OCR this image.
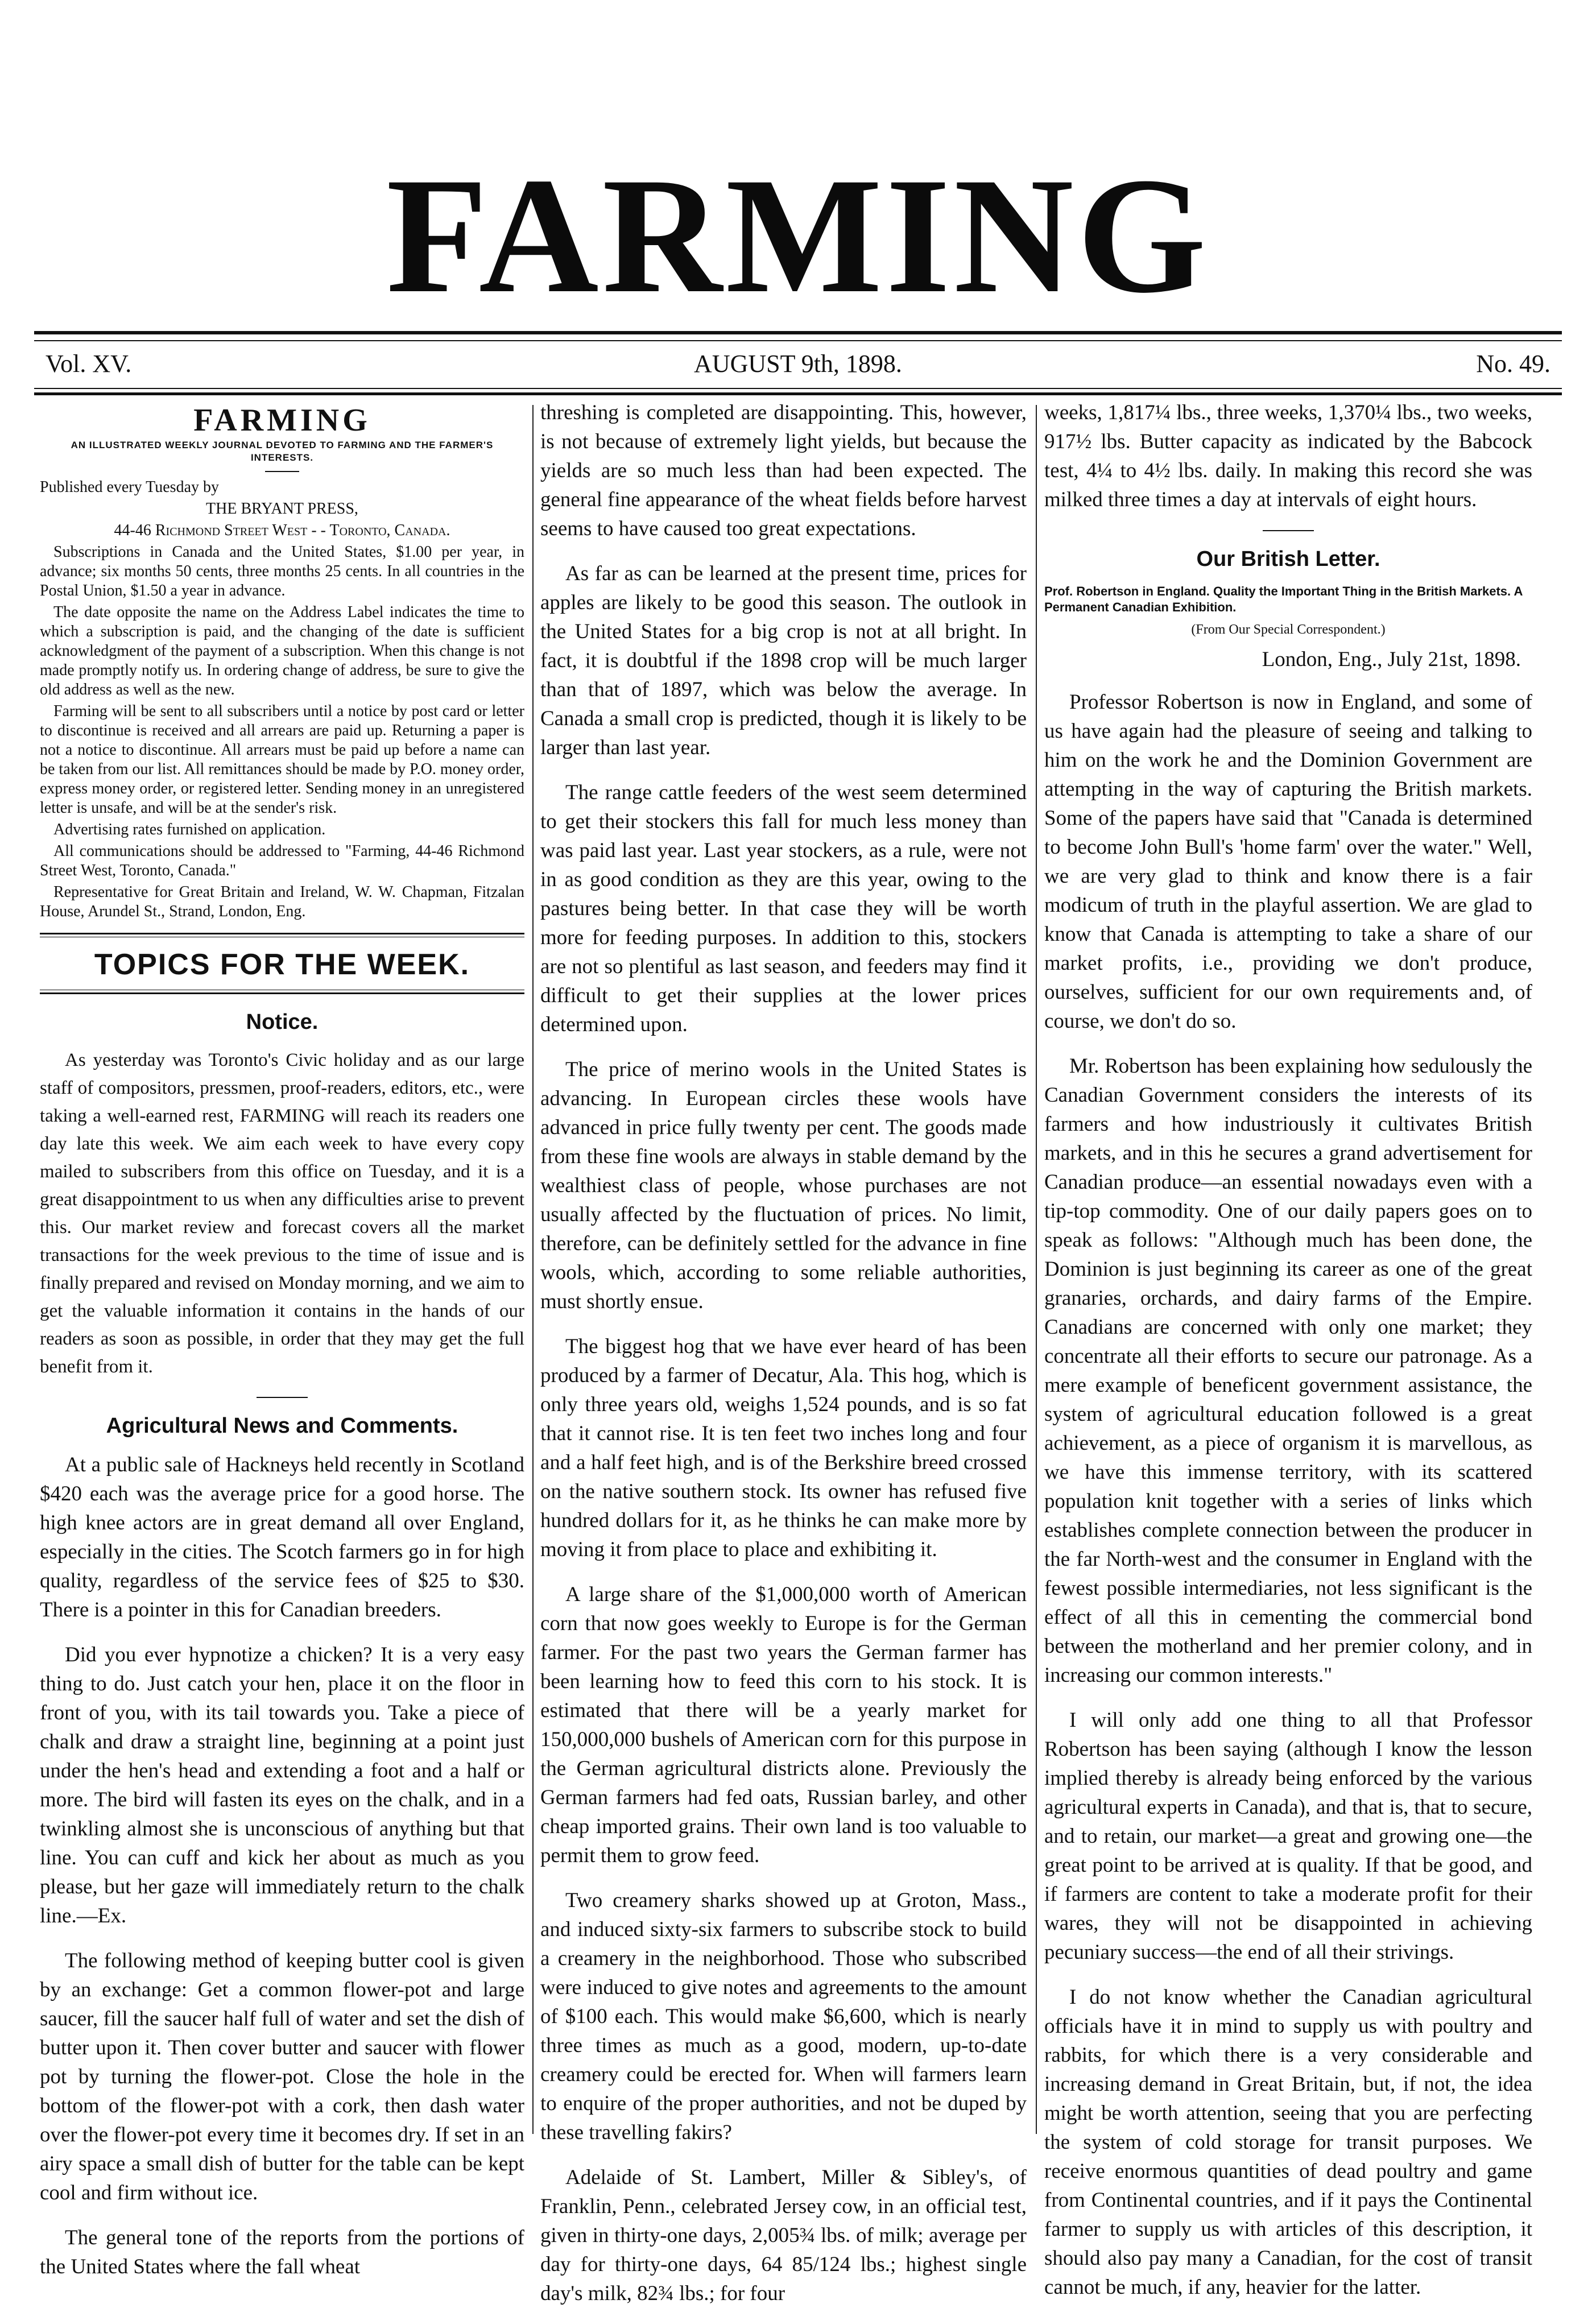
FARMING
Vol. XV.	AUGUST 9th, 1898.	No. 49.
FARMING
AN ILLUSTRATED WEEKLY JOURNAL DEVOTED TO FARMING AND THE FARMER'S INTERESTS.

Published every Tuesday by

THE BRYANT PRESS,

44-46 Richmond Street West - - Toronto, Canada.

Subscriptions in Canada and the United States, $1.00 per year, in advance; six months 50 cents, three months 25 cents. In all countries in the Postal Union, $1.50 a year in advance.

The date opposite the name on the Address Label indicates the time to which a subscription is paid, and the changing of the date is sufficient acknowledgment of the payment of a subscription. When this change is not made promptly notify us. In ordering change of address, be sure to give the old address as well as the new.

Farming will be sent to all subscribers until a notice by post card or letter to discontinue is received and all arrears are paid up. Returning a paper is not a notice to discontinue. All arrears must be paid up before a name can be taken from our list. All remittances should be made by P.O. money order, express money order, or registered letter. Sending money in an unregistered letter is unsafe, and will be at the sender's risk.

Advertising rates furnished on application.

All communications should be addressed to "Farming, 44-46 Richmond Street West, Toronto, Canada."

Representative for Great Britain and Ireland, W. W. Chapman, Fitzalan House, Arundel St., Strand, London, Eng.

TOPICS FOR THE WEEK.
Notice.

As yesterday was Toronto's Civic holiday and as our large staff of compositors, pressmen, proof-readers, editors, etc., were taking a well-earned rest, FARMING will reach its readers one day late this week. We aim each week to have every copy mailed to subscribers from this office on Tuesday, and it is a great disappointment to us when any difficulties arise to prevent this. Our market review and forecast covers all the market transactions for the week previous to the time of issue and is finally prepared and revised on Monday morning, and we aim to get the valuable information it contains in the hands of our readers as soon as possible, in order that they may get the full benefit from it.

Agricultural News and Comments.

At a public sale of Hackneys held recently in Scotland $420 each was the average price for a good horse. The high knee actors are in great demand all over England, especially in the cities. The Scotch farmers go in for high quality, regardless of the service fees of $25 to $30. There is a pointer in this for Canadian breeders.

Did you ever hypnotize a chicken? It is a very easy thing to do. Just catch your hen, place it on the floor in front of you, with its tail towards you. Take a piece of chalk and draw a straight line, beginning at a point just under the hen's head and extending a foot and a half or more. The bird will fasten its eyes on the chalk, and in a twinkling almost she is unconscious of anything but that line. You can cuff and kick her about as much as you please, but her gaze will immediately return to the chalk line.—Ex.

The following method of keeping butter cool is given by an exchange: Get a common flower-pot and large saucer, fill the saucer half full of water and set the dish of butter upon it. Then cover butter and saucer with flower pot by turning the flower-pot. Close the hole in the bottom of the flower-pot with a cork, then dash water over the flower-pot every time it becomes dry. If set in an airy space a small dish of butter for the table can be kept cool and firm without ice.

The general tone of the reports from the portions of the United States where the fall wheat

threshing is completed are disappointing. This, however, is not because of extremely light yields, but because the yields are so much less than had been expected. The general fine appearance of the wheat fields before harvest seems to have caused too great expectations.

As far as can be learned at the present time, prices for apples are likely to be good this season. The outlook in the United States for a big crop is not at all bright. In fact, it is doubtful if the 1898 crop will be much larger than that of 1897, which was below the average. In Canada a small crop is predicted, though it is likely to be larger than last year.

The range cattle feeders of the west seem determined to get their stockers this fall for much less money than was paid last year. Last year stockers, as a rule, were not in as good condition as they are this year, owing to the pastures being better. In that case they will be worth more for feeding purposes. In addition to this, stockers are not so plentiful as last season, and feeders may find it difficult to get their supplies at the lower prices determined upon.

The price of merino wools in the United States is advancing. In European circles these wools have advanced in price fully twenty per cent. The goods made from these fine wools are always in stable demand by the wealthiest class of people, whose purchases are not usually affected by the fluctuation of prices. No limit, therefore, can be definitely settled for the advance in fine wools, which, according to some reliable authorities, must shortly ensue.

The biggest hog that we have ever heard of has been produced by a farmer of Decatur, Ala. This hog, which is only three years old, weighs 1,524 pounds, and is so fat that it cannot rise. It is ten feet two inches long and four and a half feet high, and is of the Berkshire breed crossed on the native southern stock. Its owner has refused five hundred dollars for it, as he thinks he can make more by moving it from place to place and exhibiting it.

A large share of the $1,000,000 worth of American corn that now goes weekly to Europe is for the German farmer. For the past two years the German farmer has been learning how to feed this corn to his stock. It is estimated that there will be a yearly market for 150,000,000 bushels of American corn for this purpose in the German agricultural districts alone. Previously the German farmers had fed oats, Russian barley, and other cheap imported grains. Their own land is too valuable to permit them to grow feed.

Two creamery sharks showed up at Groton, Mass., and induced sixty-six farmers to subscribe stock to build a creamery in the neighborhood. Those who subscribed were induced to give notes and agreements to the amount of $100 each. This would make $6,600, which is nearly three times as much as a good, modern, up-to-date creamery could be erected for. When will farmers learn to enquire of the proper authorities, and not be duped by these travelling fakirs?

Adelaide of St. Lambert, Miller & Sibley's, of Franklin, Penn., celebrated Jersey cow, in an official test, given in thirty-one days, 2,005¾ lbs. of milk; average per day for thirty-one days, 64 85/124 lbs.; highest single day's milk, 82¾ lbs.; for four

weeks, 1,817¼ lbs., three weeks, 1,370¼ lbs., two weeks, 917½ lbs. Butter capacity as indicated by the Babcock test, 4¼ to 4½ lbs. daily. In making this record she was milked three times a day at intervals of eight hours.

Our British Letter.

Prof. Robertson in England. Quality the Important Thing in the British Markets. A Permanent Canadian Exhibition.

(From Our Special Correspondent.)

London, Eng., July 21st, 1898.

Professor Robertson is now in England, and some of us have again had the pleasure of seeing and talking to him on the work he and the Dominion Government are attempting in the way of capturing the British markets. Some of the papers have said that "Canada is determined to become John Bull's 'home farm' over the water." Well, we are very glad to think and know there is a fair modicum of truth in the playful assertion. We are glad to know that Canada is attempting to take a share of our market profits, i.e., providing we don't produce, ourselves, sufficient for our own requirements and, of course, we don't do so.

Mr. Robertson has been explaining how sedulously the Canadian Government considers the interests of its farmers and how industriously it cultivates British markets, and in this he secures a grand advertisement for Canadian produce—an essential nowadays even with a tip-top commodity. One of our daily papers goes on to speak as follows: "Although much has been done, the Dominion is just beginning its career as one of the great granaries, orchards, and dairy farms of the Empire. Canadians are concerned with only one market; they concentrate all their efforts to secure our patronage. As a mere example of beneficent government assistance, the system of agricultural education followed is a great achievement, as a piece of organism it is marvellous, as we have this immense territory, with its scattered population knit together with a series of links which establishes complete connection between the producer in the far North-west and the consumer in England with the fewest possible intermediaries, not less significant is the effect of all this in cementing the commercial bond between the motherland and her premier colony, and in increasing our common interests."

I will only add one thing to all that Professor Robertson has been saying (although I know the lesson implied thereby is already being enforced by the various agricultural experts in Canada), and that is, that to secure, and to retain, our market—a great and growing one—the great point to be arrived at is quality. If that be good, and if farmers are content to take a moderate profit for their wares, they will not be disappointed in achieving pecuniary success—the end of all their strivings.

I do not know whether the Canadian agricultural officials have it in mind to supply us with poultry and rabbits, for which there is a very considerable and increasing demand in Great Britain, but, if not, the idea might be worth attention, seeing that you are perfecting the system of cold storage for transit purposes. We receive enormous quantities of dead poultry and game from Continental countries, and if it pays the Continental farmer to supply us with articles of this description, it should also pay many a Canadian, for the cost of transit cannot be much, if any, heavier for the latter.
